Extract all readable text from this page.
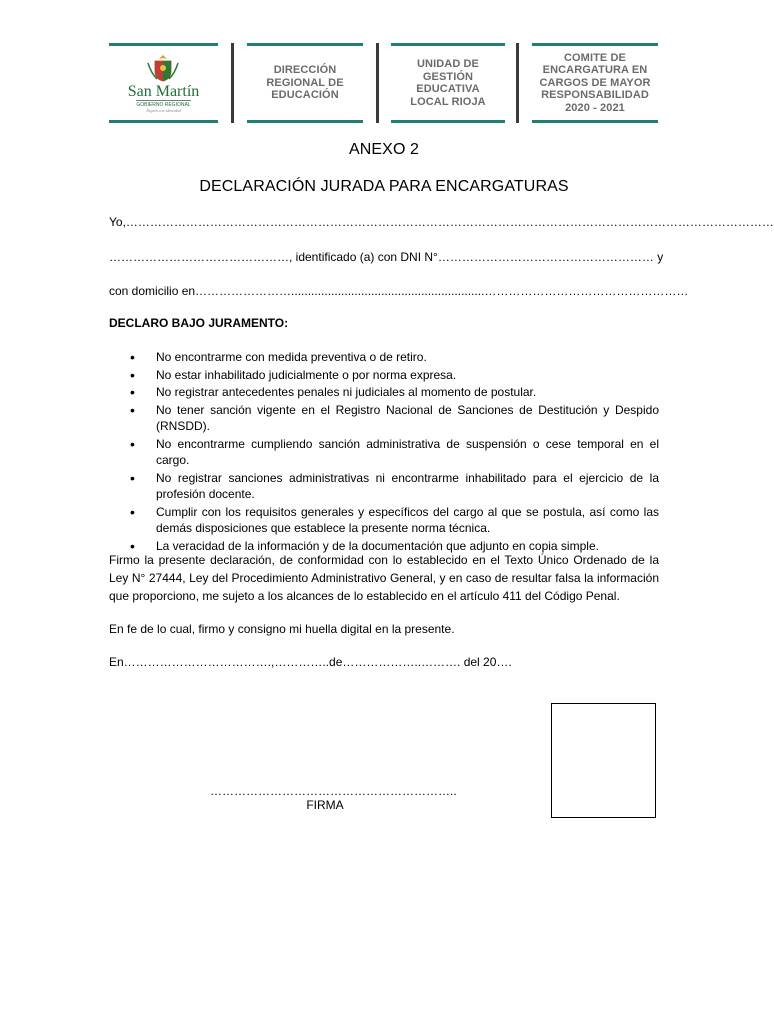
San Martín
GOBIERNO REGIONAL
Región con identidad
DIRECCIÓN REGIONAL DE EDUCACIÓN
UNIDAD DE GESTIÓN EDUCATIVA LOCAL RIOJA
COMITE DE ENCARGATURA EN CARGOS DE MAYOR RESPONSABILIDAD 2020 - 2021
ANEXO 2
DECLARACIÓN JURADA PARA ENCARGATURAS
Yo,………………………………………………………………………………………………………………………………………………
………………………………………, identificado (a) con DNI N°……………………………………………… y
con domicilio en……………………..........................................................……………………………………………
DECLARO BAJO JURAMENTO:
• No encontrarme con medida preventiva o de retiro.
• No estar inhabilitado judicialmente o por norma expresa.
• No registrar antecedentes penales ni judiciales al momento de postular.
• No tener sanción vigente en el Registro Nacional de Sanciones de Destitución y Despido (RNSDD).
• No encontrarme cumpliendo sanción administrativa de suspensión o cese temporal en el cargo.
• No registrar sanciones administrativas ni encontrarme inhabilitado para el ejercicio de la profesión docente.
• Cumplir con los requisitos generales y específicos del cargo al que se postula, así como las demás disposiciones que establece la presente norma técnica.
• La veracidad de la información y de la documentación que adjunto en copia simple.
Firmo la presente declaración, de conformidad con lo establecido en el Texto Único Ordenado de la Ley N° 27444, Ley del Procedimiento Administrativo General, y en caso de resultar falsa la información que proporciono, me sujeto a los alcances de lo establecido en el artículo 411 del Código Penal.
En fe de lo cual, firmo y consigno mi huella digital en la presente.
En……………………………….,…………..de………………..………. del 20….
……………………………………………………..
FIRMA
